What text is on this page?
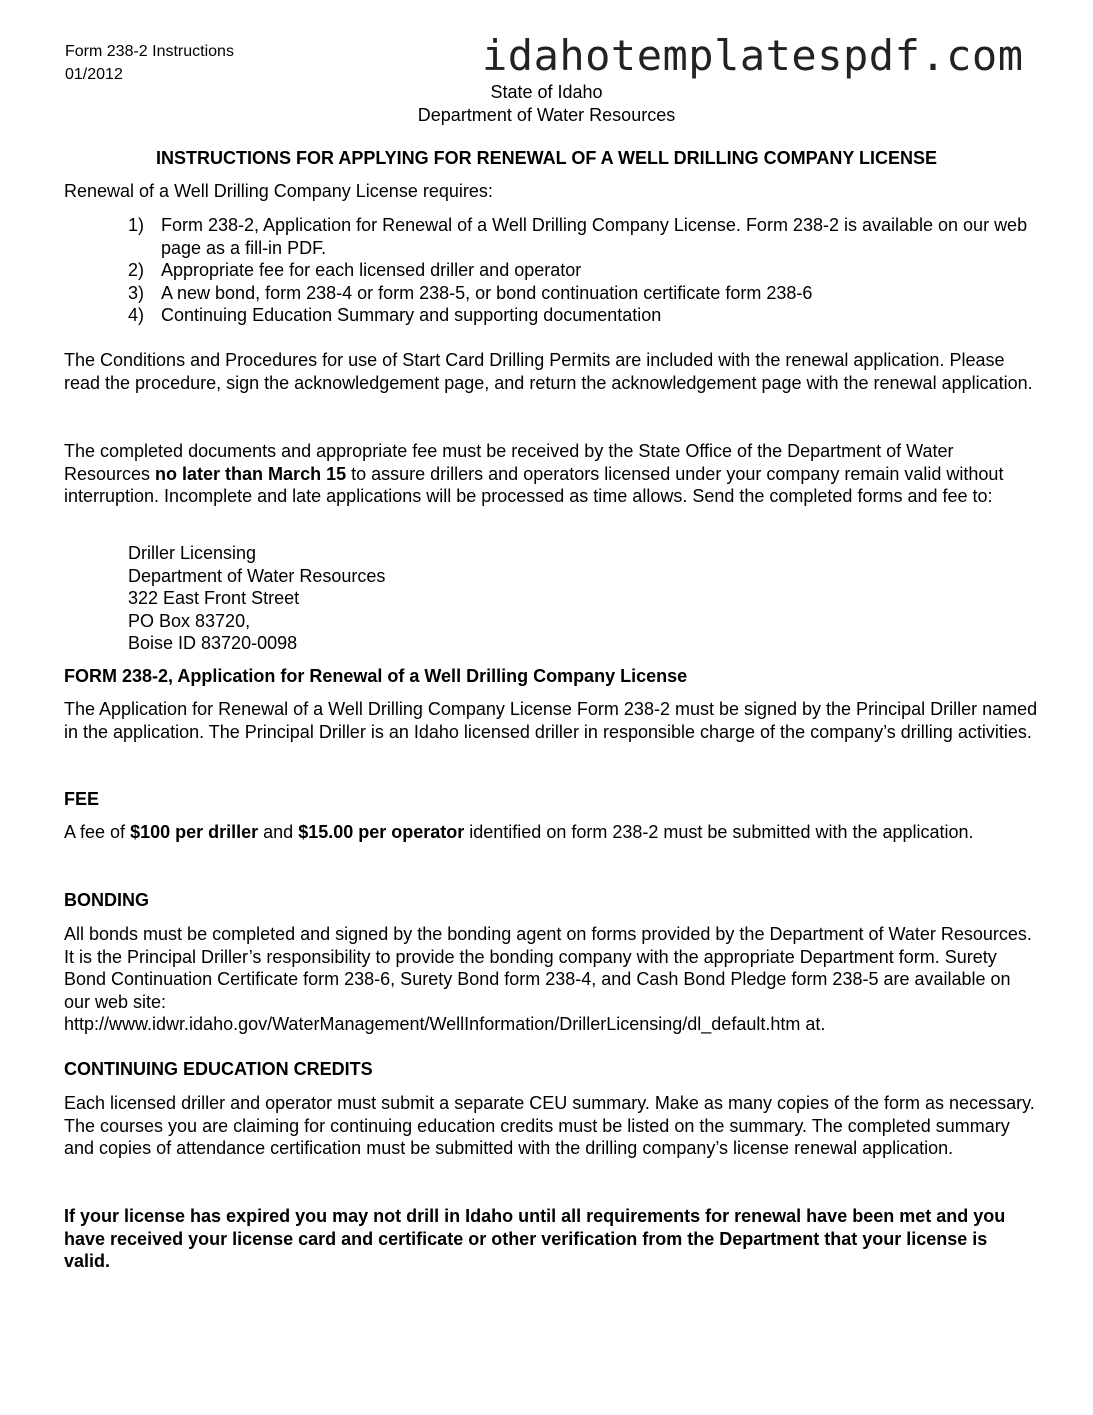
Form 238-2 Instructions
01/2012	idahotemplatespdf.com
State of Idaho
Department of Water Resources
INSTRUCTIONS FOR APPLYING FOR RENEWAL OF A WELL DRILLING COMPANY LICENSE

Renewal of a Well Drilling Company License requires:

1) Form 238-2, Application for Renewal of a Well Drilling Company License. Form 238-2 is available on our web page as a fill-in PDF.
2) Appropriate fee for each licensed driller and operator
3) A new bond, form 238-4 or form 238-5, or bond continuation certificate form 238-6
4) Continuing Education Summary and supporting documentation

The Conditions and Procedures for use of Start Card Drilling Permits are included with the renewal application. Please read the procedure, sign the acknowledgement page, and return the acknowledgement page with the renewal application.

The completed documents and appropriate fee must be received by the State Office of the Department of Water Resources no later than March 15 to assure drillers and operators licensed under your company remain valid without interruption. Incomplete and late applications will be processed as time allows. Send the completed forms and fee to:

Driller Licensing
Department of Water Resources
322 East Front Street
PO Box 83720,
Boise ID 83720-0098
FORM 238-2, Application for Renewal of a Well Drilling Company License

The Application for Renewal of a Well Drilling Company License Form 238-2 must be signed by the Principal Driller named in the application. The Principal Driller is an Idaho licensed driller in responsible charge of the company’s drilling activities.

FEE

A fee of $100 per driller and $15.00 per operator identified on form 238-2 must be submitted with the application.

BONDING

All bonds must be completed and signed by the bonding agent on forms provided by the Department of Water Resources. It is the Principal Driller’s responsibility to provide the bonding company with the appropriate Department form. Surety Bond Continuation Certificate form 238-6, Surety Bond form 238-4, and Cash Bond Pledge form 238-5 are available on our web site:
http://www.idwr.idaho.gov/WaterManagement/WellInformation/DrillerLicensing/dl_default.htm at.

CONTINUING EDUCATION CREDITS

Each licensed driller and operator must submit a separate CEU summary. Make as many copies of the form as necessary. The courses you are claiming for continuing education credits must be listed on the summary. The completed summary and copies of attendance certification must be submitted with the drilling company’s license renewal application.

If your license has expired you may not drill in Idaho until all requirements for renewal have been met and you have received your license card and certificate or other verification from the Department that your license is valid.
